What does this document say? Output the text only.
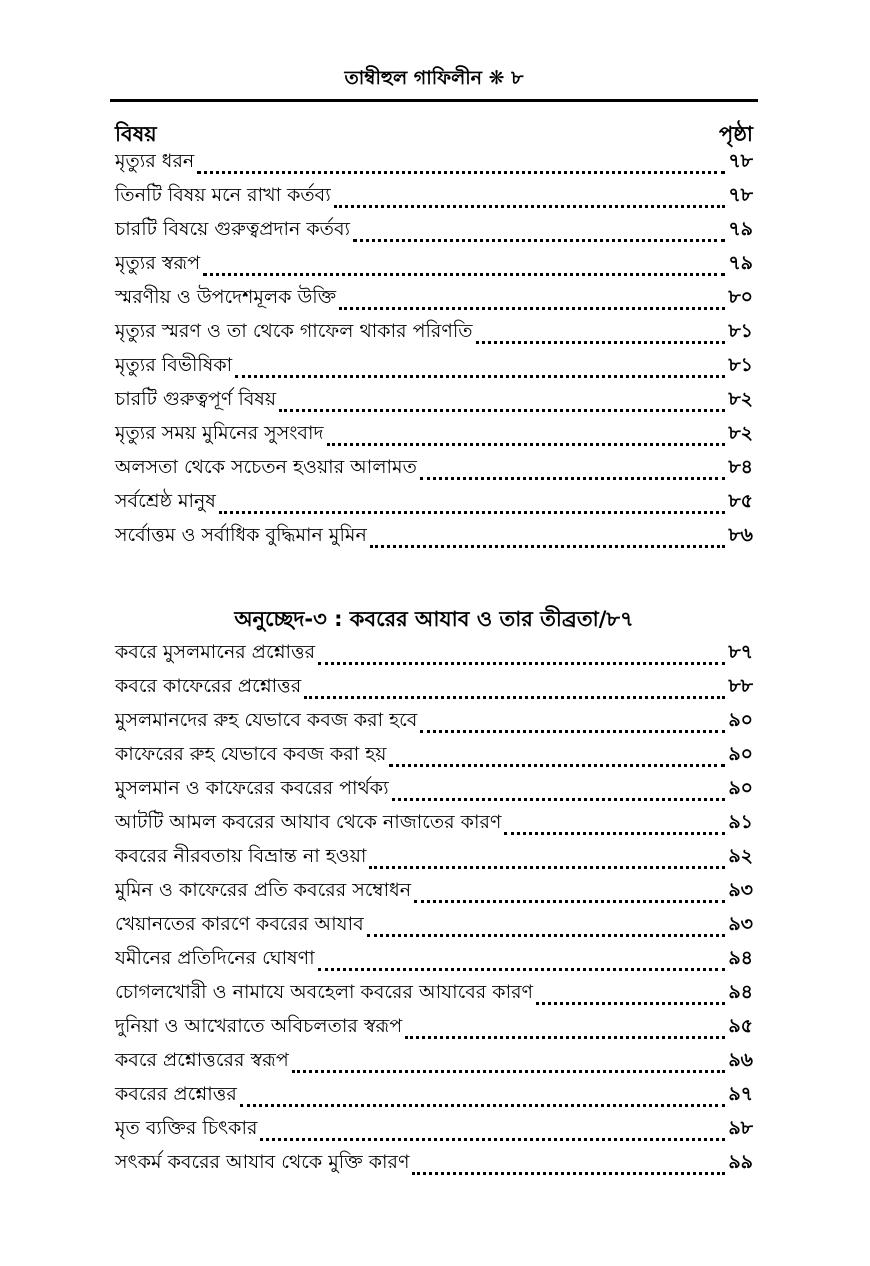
তাম্বীহুল গাফিলীন ❋ ৮
বিষয়	পৃষ্ঠা
মৃত্যুর ধরন	৭৮
তিনটি বিষয় মনে রাখা কর্তব্য	৭৮
চারটি বিষয়ে গুরুত্বপ্রদান কর্তব্য	৭৯
মৃত্যুর স্বরূপ	৭৯
স্মরণীয় ও উপদেশমূলক উক্তি	৮০
মৃত্যুর স্মরণ ও তা থেকে গাফেল থাকার পরিণতি	৮১
মৃত্যুর বিভীষিকা	৮১
চারটি গুরুত্বপূর্ণ বিষয়	৮২
মৃত্যুর সময় মুমিনের সুসংবাদ	৮২
অলসতা থেকে সচেতন হওয়ার আলামত	৮৪
সর্বশ্রেষ্ঠ মানুষ	৮৫
সর্বোত্তম ও সর্বাধিক বুদ্ধিমান মুমিন	৮৬
অনুচ্ছেদ-৩ : কবরের আযাব ও তার তীব্রতা/৮৭
কবরে মুসলমানের প্রশ্নোত্তর	৮৭
কবরে কাফেরের প্রশ্নোত্তর	৮৮
মুসলমানদের রুহ যেভাবে কবজ করা হবে	৯০
কাফেরের রুহ যেভাবে কবজ করা হয়	৯০
মুসলমান ও কাফেরের কবরের পার্থক্য	৯০
আটটি আমল কবরের আযাব থেকে নাজাতের কারণ	৯১
কবরের নীরবতায় বিভ্রান্ত না হওয়া	৯২
মুমিন ও কাফেরের প্রতি কবরের সম্বোধন	৯৩
খেয়ানতের কারণে কবরের আযাব	৯৩
যমীনের প্রতিদিনের ঘোষণা	৯৪
চোগলখোরী ও নামাযে অবহেলা কবরের আযাবের কারণ	৯৪
দুনিয়া ও আখেরাতে অবিচলতার স্বরূপ	৯৫
কবরে প্রশ্নোত্তরের স্বরূপ	৯৬
কবরের প্রশ্নোত্তর	৯৭
মৃত ব্যক্তির চিৎকার	৯৮
সৎকর্ম কবরের আযাব থেকে মুক্তি কারণ	৯৯
